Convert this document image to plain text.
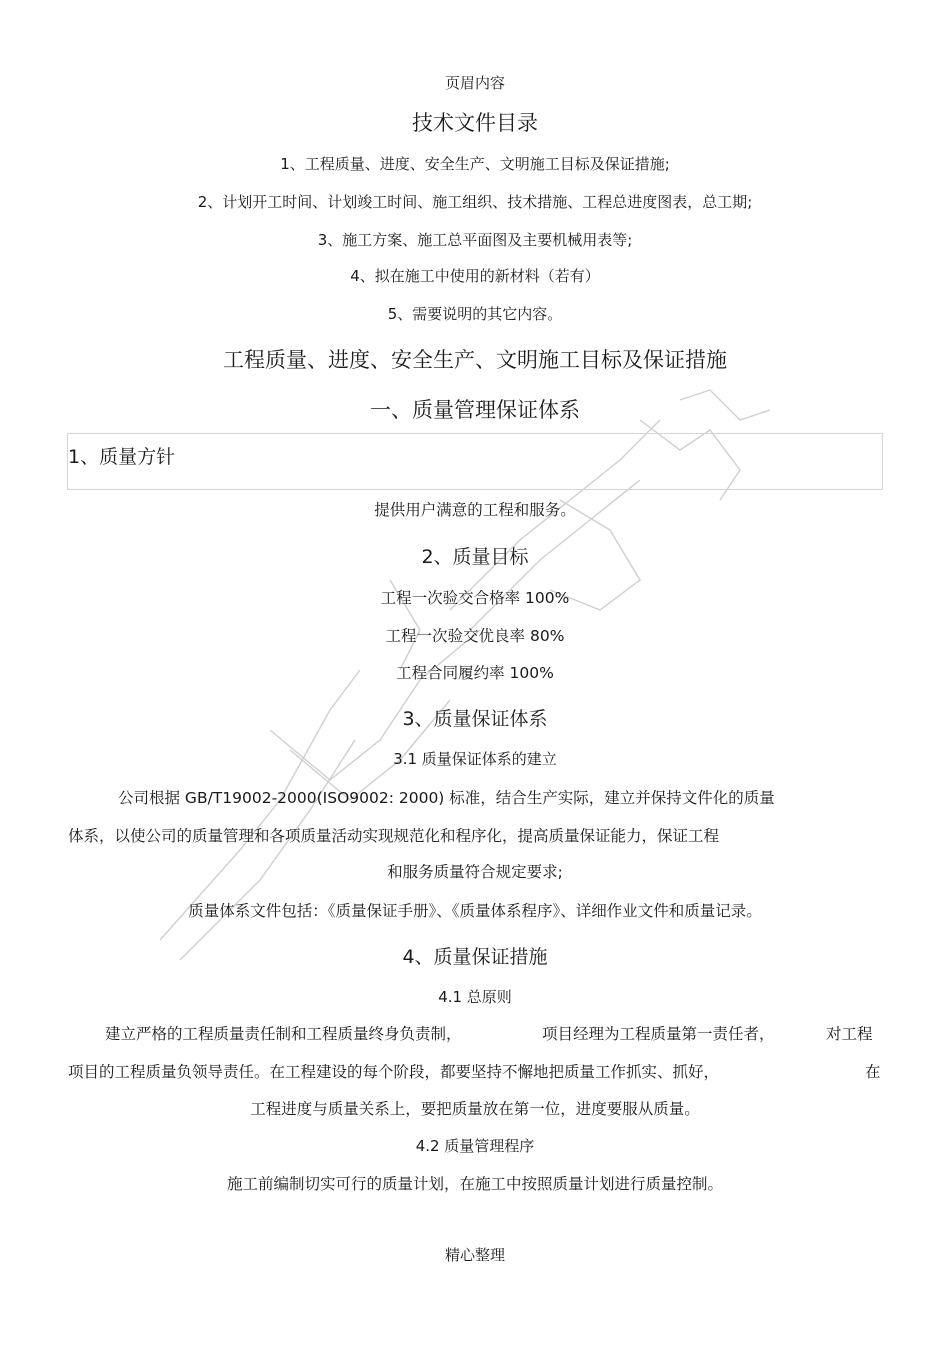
页眉内容
技术文件目录
1、工程质量、进度、安全生产、文明施工目标及保证措施;
2、计划开工时间、计划竣工时间、施工组织、技术措施、工程总进度图表，总工期;
3、施工方案、施工总平面图及主要机械用表等;
4、拟在施工中使用的新材料（若有）
5、需要说明的其它内容。
工程质量、进度、安全生产、文明施工目标及保证措施
一、质量管理保证体系
1、质量方针
提供用户满意的工程和服务。
2、质量目标
工程一次验交合格率 100%
工程一次验交优良率 80%
工程合同履约率 100%
3、质量保证体系
3.1 质量保证体系的建立
公司根据 GB/T19002-2000(ISO9002: 2000) 标准，结合生产实际，建立并保持文件化的质量
体系，以使公司的质量管理和各项质量活动实现规范化和程序化，提高质量保证能力，保证工程
和服务质量符合规定要求;
质量体系文件包括：《质量保证手册》、《质量体系程序》、详细作业文件和质量记录。
4、质量保证措施
4.1 总原则
建立严格的工程质量责任制和工程质量终身负责制，	项目经理为工程质量第一责任者，	对工程
项目的工程质量负领导责任。在工程建设的每个阶段，都要坚持不懈地把质量工作抓实、抓好，	在
工程进度与质量关系上，要把质量放在第一位，进度要服从质量。
4.2 质量管理程序
施工前编制切实可行的质量计划，在施工中按照质量计划进行质量控制。
精心整理
